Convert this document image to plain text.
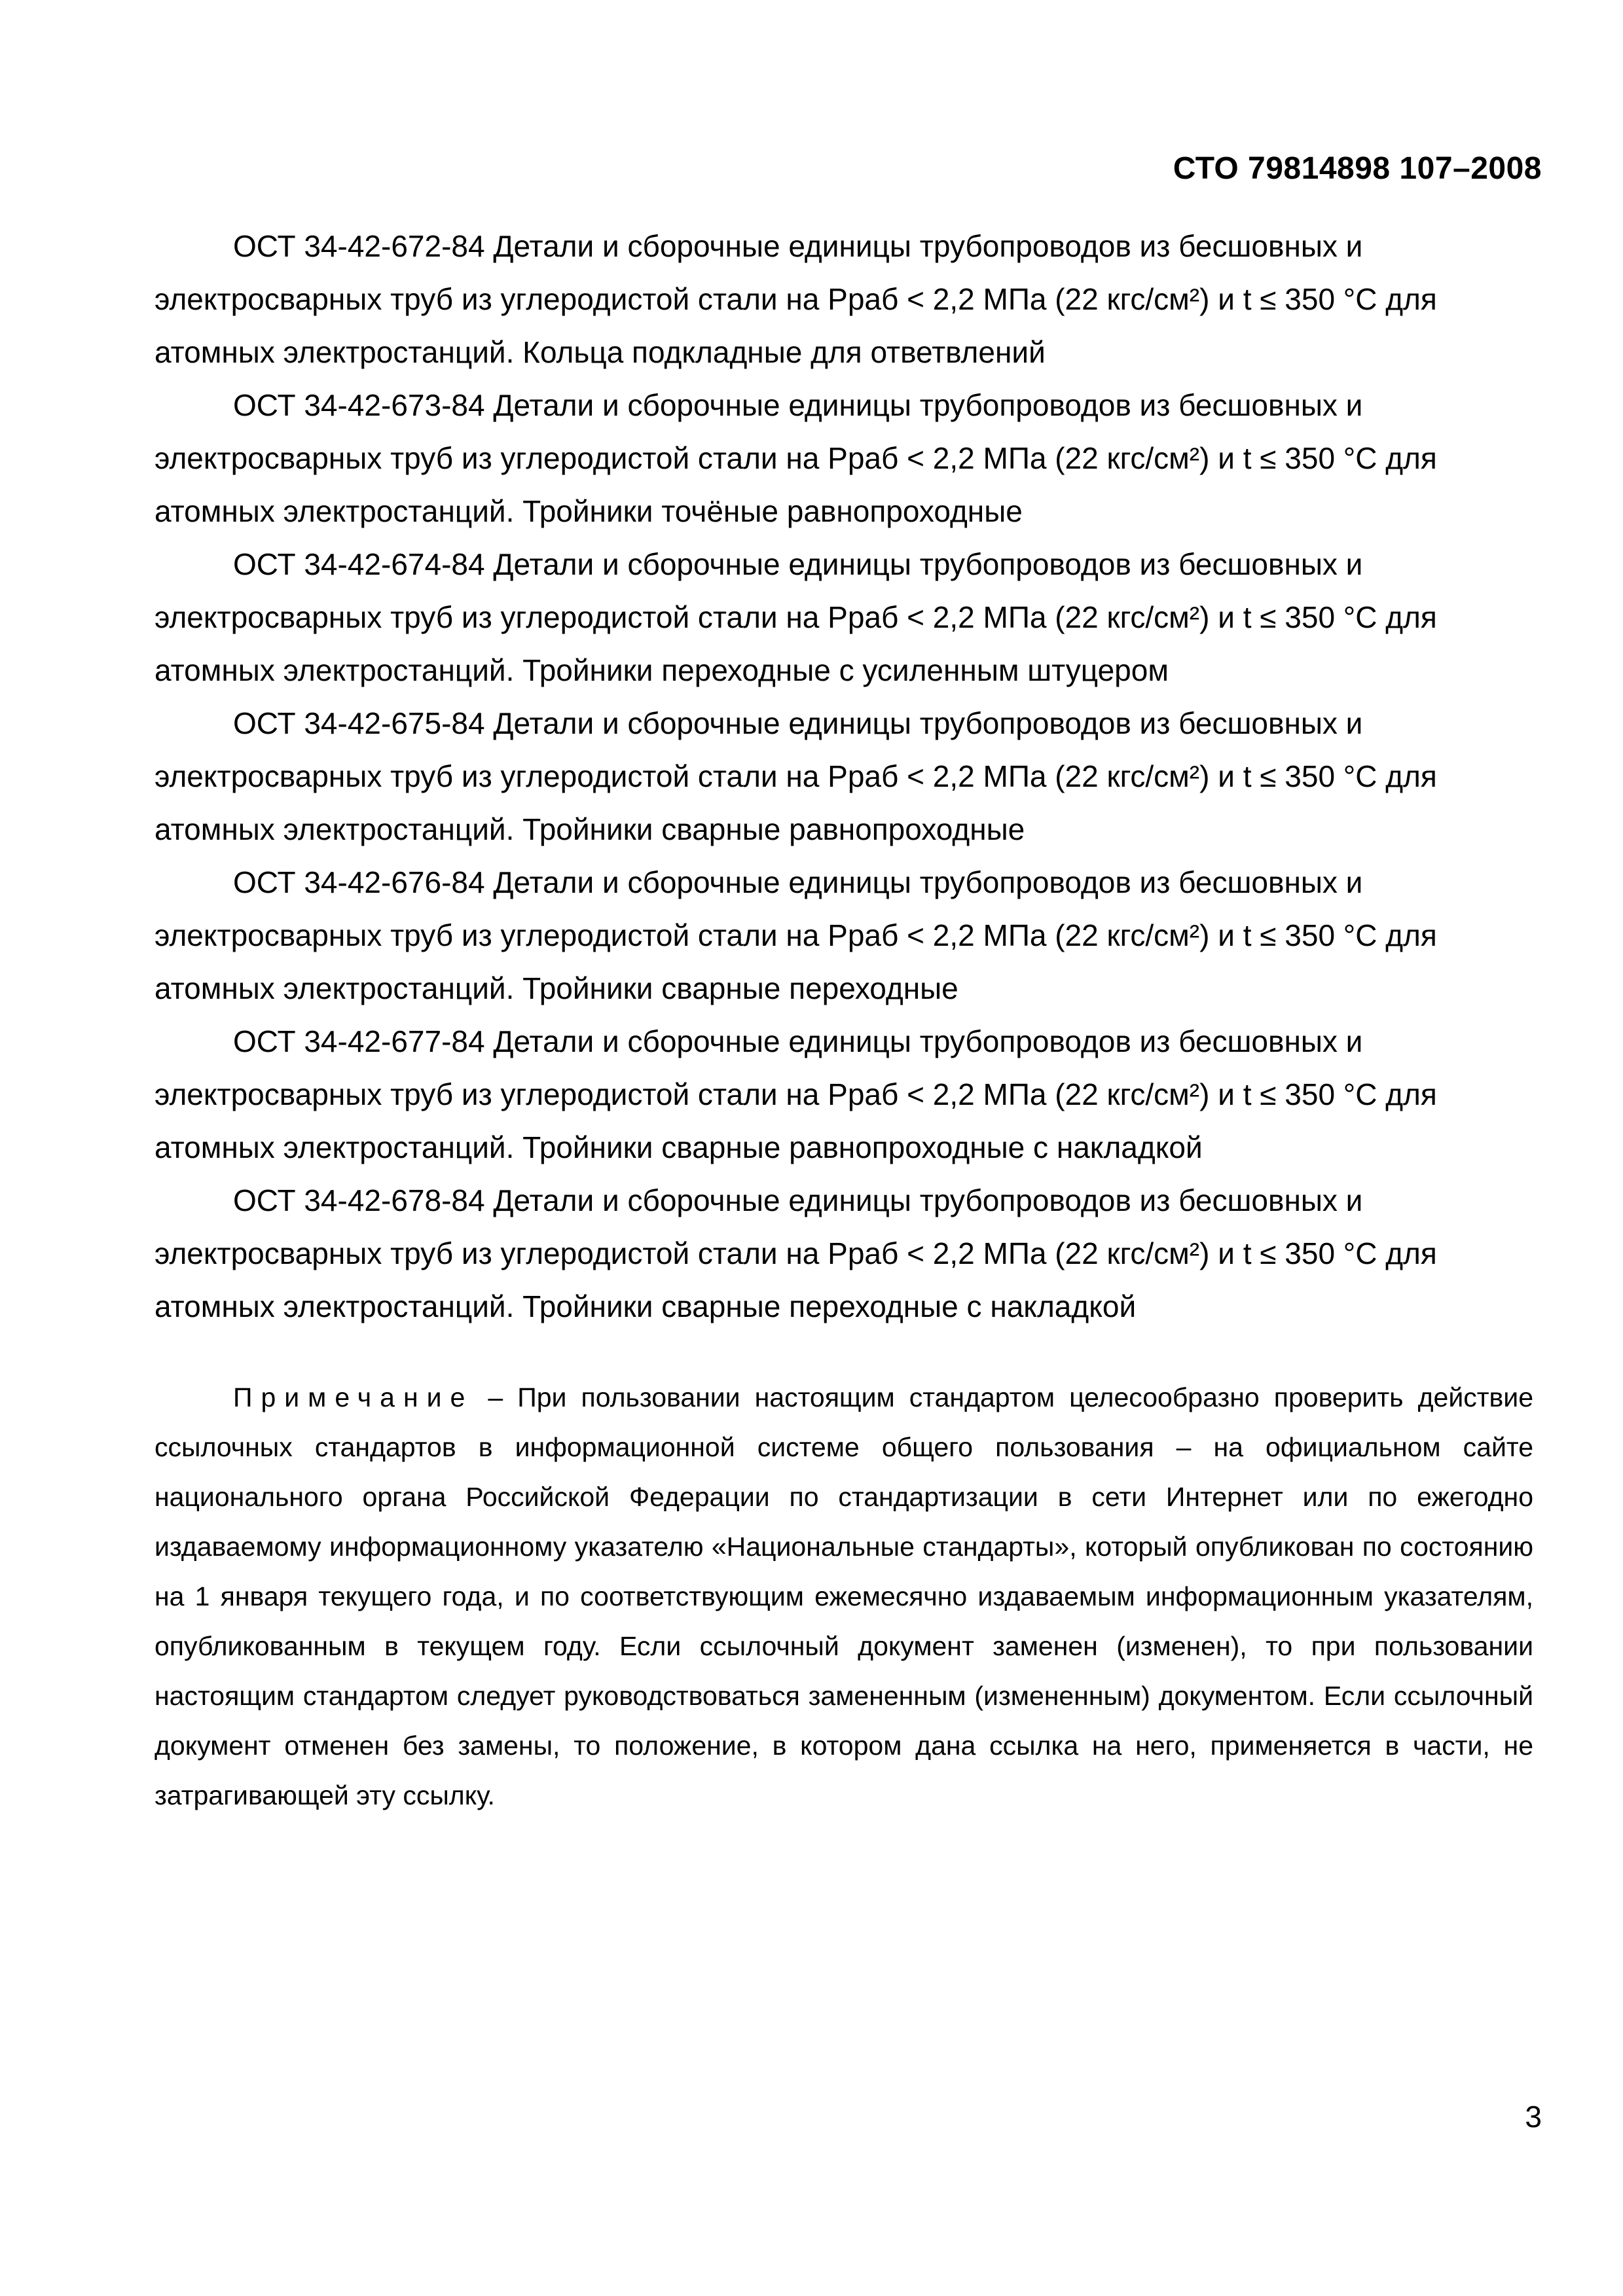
СТО 79814898 107–2008

ОСТ 34-42-672-84 Детали и сборочные единицы трубопроводов из бесшовных и электросварных труб из углеродистой стали на Рраб < 2,2 МПа (22 кгс/см²) и t ≤ 350 °С для атомных электростанций. Кольца подкладные для ответвлений

ОСТ 34-42-673-84 Детали и сборочные единицы трубопроводов из бесшовных и электросварных труб из углеродистой стали на Рраб < 2,2 МПа (22 кгс/см²) и t ≤ 350 °С для атомных электростанций. Тройники точёные равнопроходные

ОСТ 34-42-674-84 Детали и сборочные единицы трубопроводов из бесшовных и электросварных труб из углеродистой стали на Рраб < 2,2 МПа (22 кгс/см²) и t ≤ 350 °С для атомных электростанций. Тройники переходные с усиленным штуцером

ОСТ 34-42-675-84 Детали и сборочные единицы трубопроводов из бесшовных и электросварных труб из углеродистой стали на Рраб < 2,2 МПа (22 кгс/см²) и t ≤ 350 °С для атомных электростанций. Тройники сварные равнопроходные

ОСТ 34-42-676-84 Детали и сборочные единицы трубопроводов из бесшовных и электросварных труб из углеродистой стали на Рраб < 2,2 МПа (22 кгс/см²) и t ≤ 350 °С для атомных электростанций. Тройники сварные переходные

ОСТ 34-42-677-84 Детали и сборочные единицы трубопроводов из бесшовных и электросварных труб из углеродистой стали на Рраб < 2,2 МПа (22 кгс/см²) и t ≤ 350 °С для атомных электростанций. Тройники сварные равнопроходные с накладкой

ОСТ 34-42-678-84 Детали и сборочные единицы трубопроводов из бесшовных и электросварных труб из углеродистой стали на Рраб < 2,2 МПа (22 кгс/см²) и t ≤ 350 °С для атомных электростанций. Тройники сварные переходные с накладкой

Примечание – При пользовании настоящим стандартом целесообразно проверить действие ссылочных стандартов в информационной системе общего пользования – на официальном сайте национального органа Российской Федерации по стандартизации в сети Интернет или по ежегодно издаваемому информационному указателю «Национальные стандарты», который опубликован по состоянию на 1 января текущего года, и по соответствующим ежемесячно издаваемым информационным указателям, опубликованным в текущем году. Если ссылочный документ заменен (изменен), то при пользовании настоящим стандартом следует руководствоваться замененным (измененным) документом. Если ссылочный документ отменен без замены, то положение, в котором дана ссылка на него, применяется в части, не затрагивающей эту ссылку.

3
